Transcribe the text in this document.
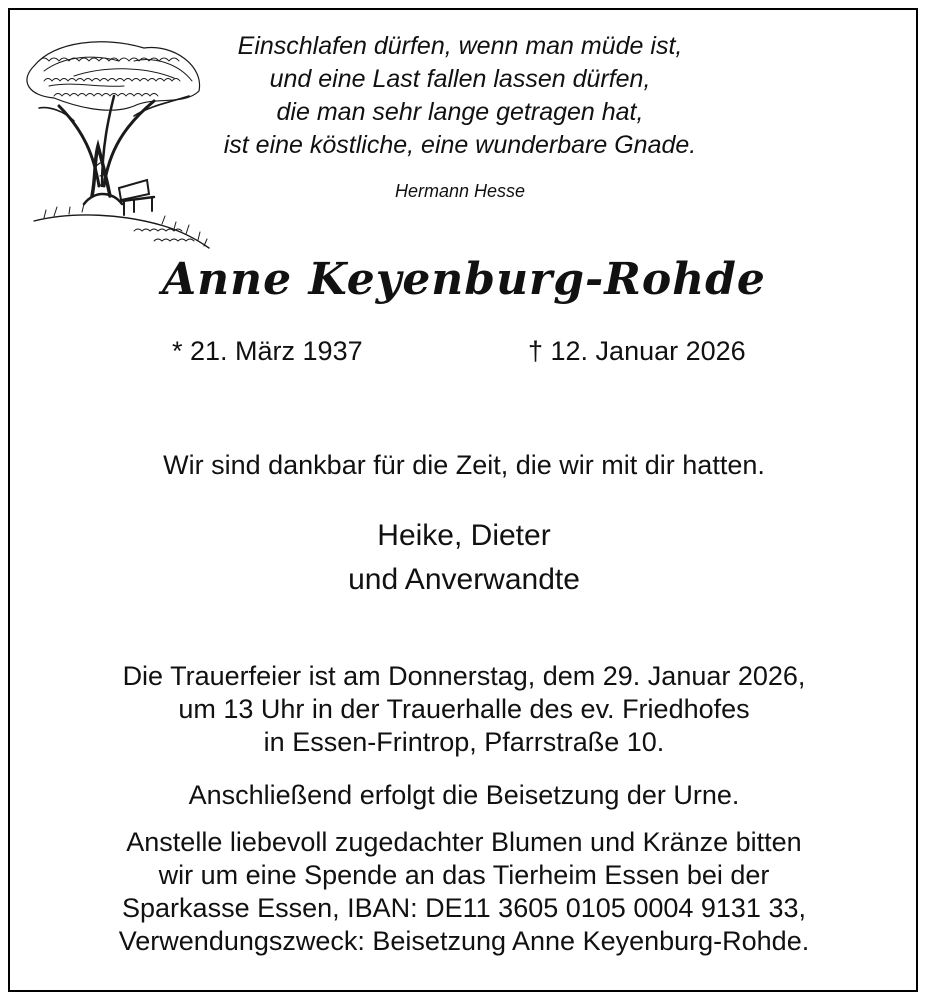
Einschlafen dürfen, wenn man müde ist,
und eine Last fallen lassen dürfen,
die man sehr lange getragen hat,
ist eine köstliche, eine wunderbare Gnade.
Hermann Hesse
Anne Keyenburg-Rohde
* 21. März 1937	† 12. Januar 2026
Wir sind dankbar für die Zeit, die wir mit dir hatten.
Heike, Dieter
und Anverwandte
Die Trauerfeier ist am Donnerstag, dem 29. Januar 2026,
um 13 Uhr in der Trauerhalle des ev. Friedhofes
in Essen-Frintrop, Pfarrstraße 10.
Anschließend erfolgt die Beisetzung der Urne.
Anstelle liebevoll zugedachter Blumen und Kränze bitten
wir um eine Spende an das Tierheim Essen bei der
Sparkasse Essen, IBAN: DE11 3605 0105 0004 9131 33,
Verwendungszweck: Beisetzung Anne Keyenburg-Rohde.
